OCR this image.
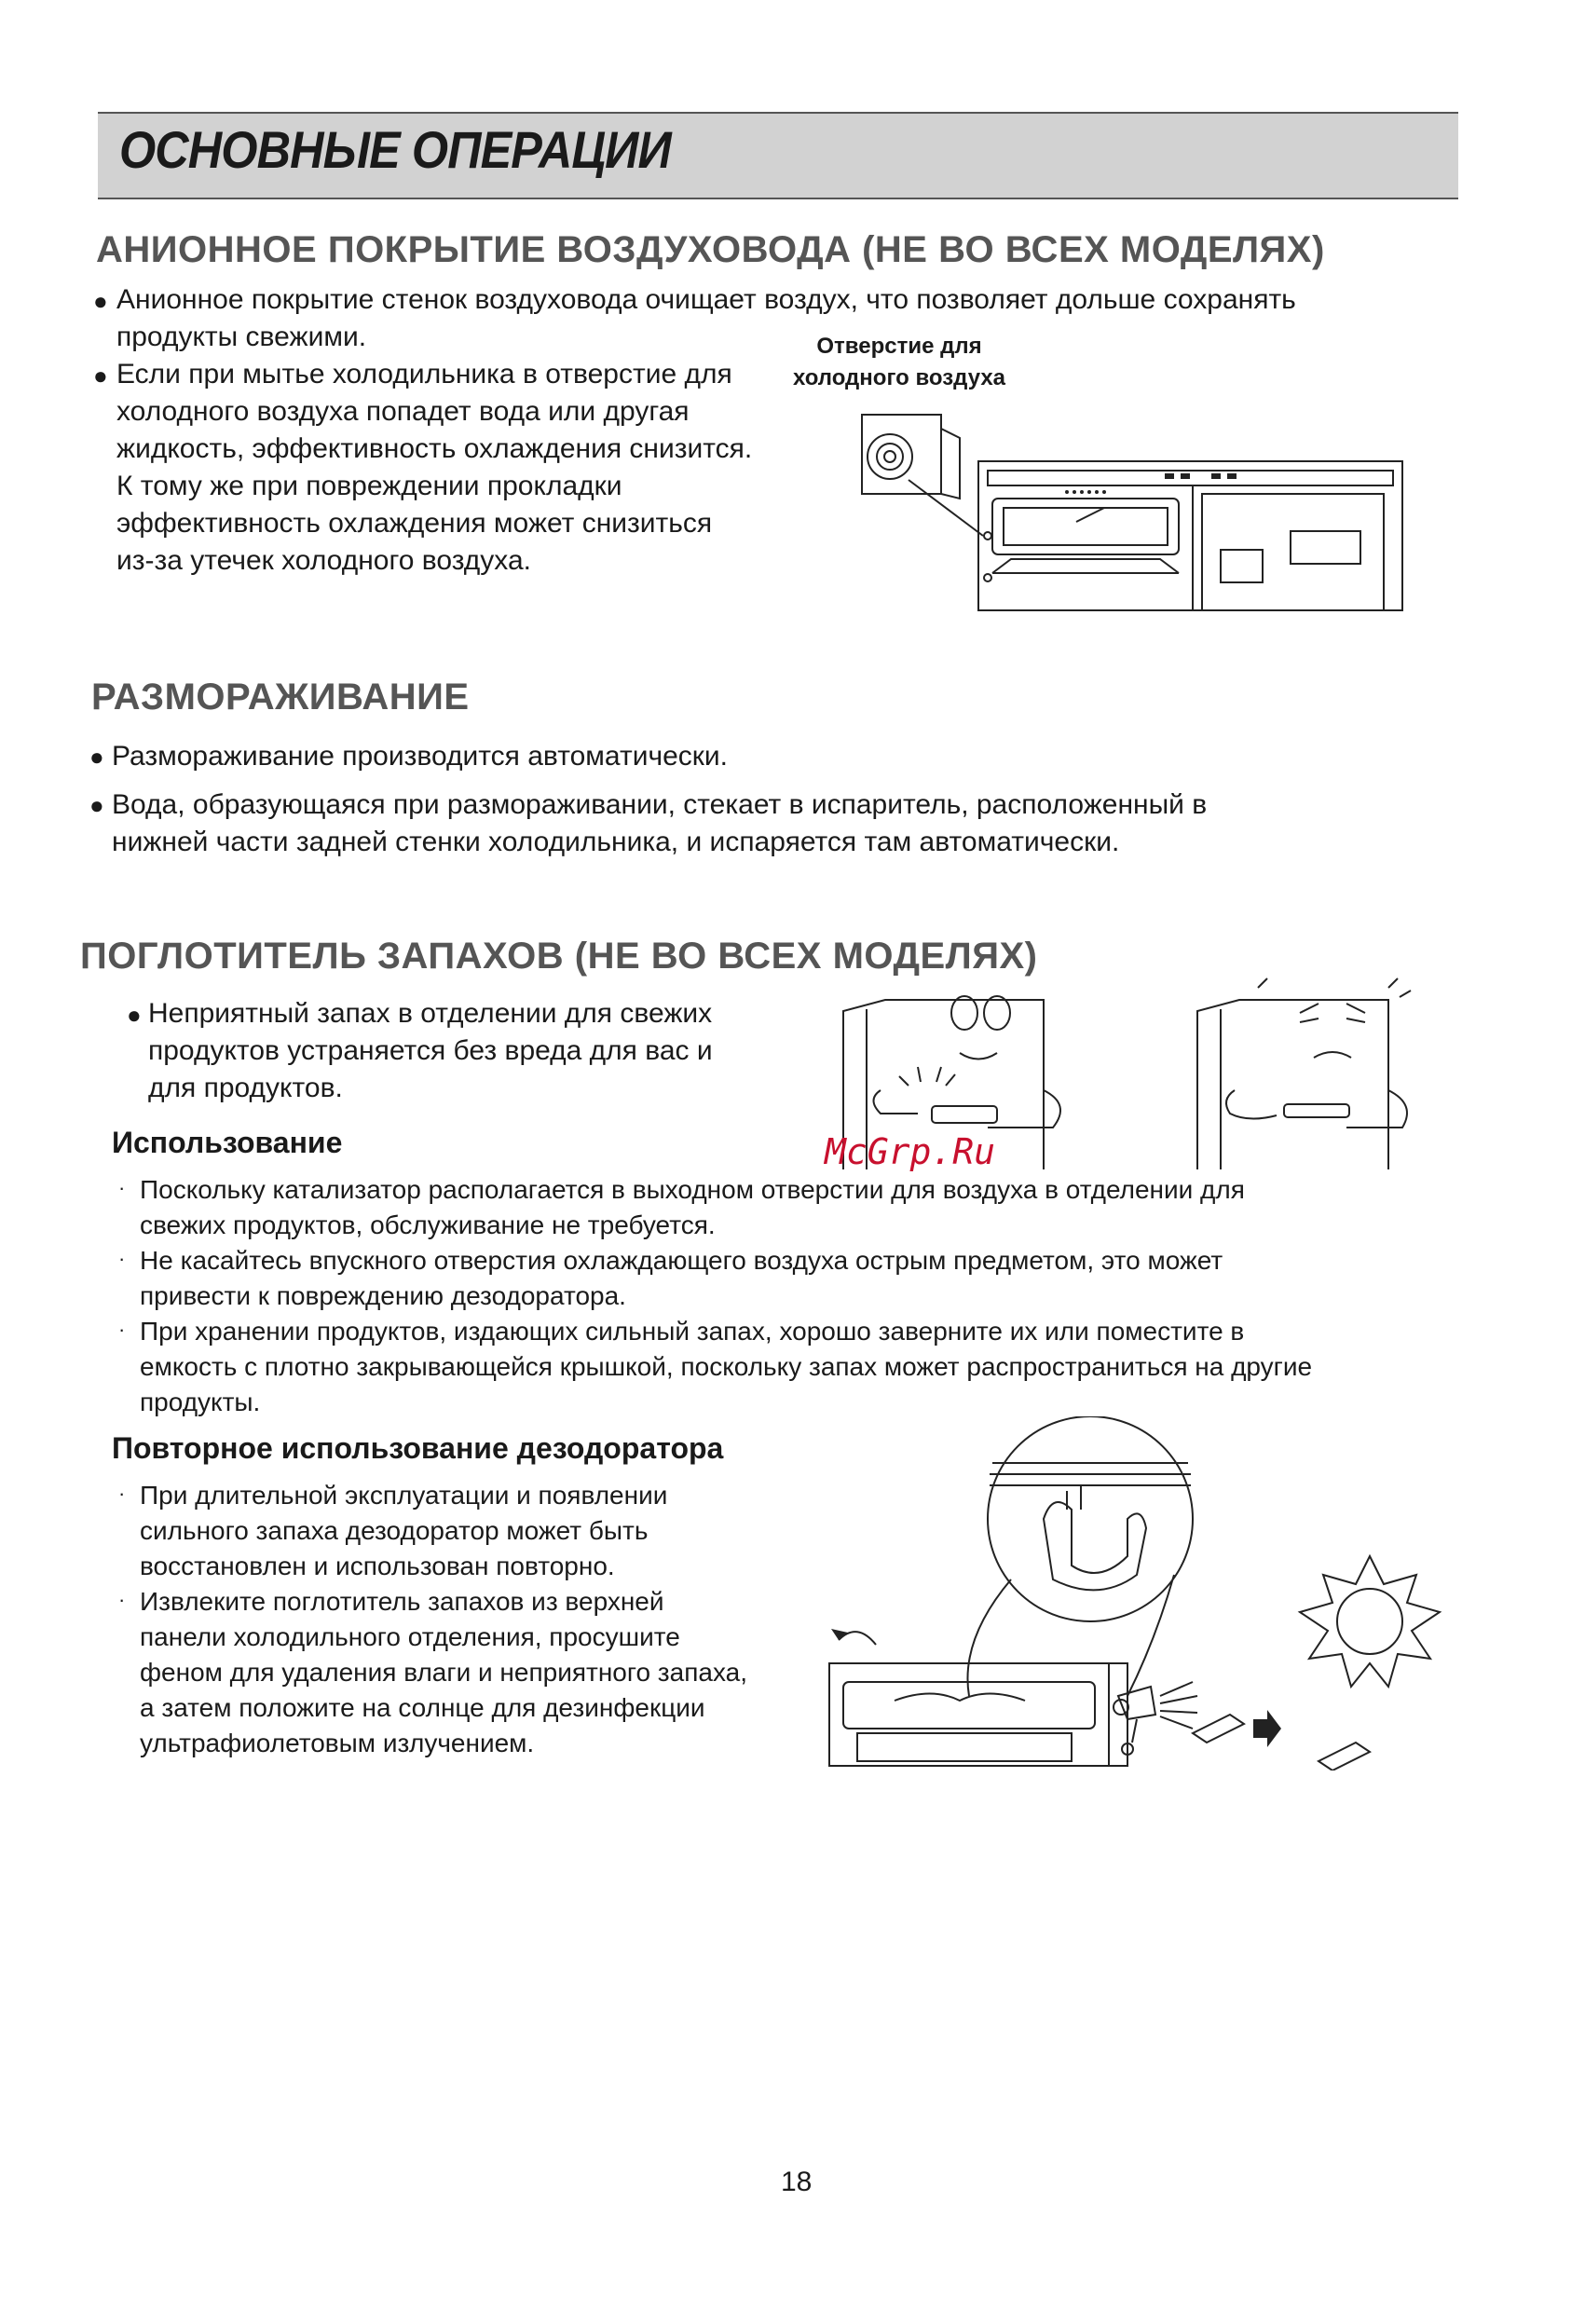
ОСНОВНЫЕ ОПЕРАЦИИ
АНИОННОЕ ПОКРЫТИЕ ВОЗДУХОВОДА (НЕ ВО ВСЕХ МОДЕЛЯХ)
● Анионное покрытие стенок воздуховода очищает воздух, что позволяет дольше сохранять
продукты свежими.
● Если при мытье холодильника в отверстие для
холодного воздуха попадет вода или другая
жидкость, эффективность охлаждения снизится.
К тому же при повреждении прокладки
эффективность охлаждения может снизиться
из-за утечек холодного воздуха.
Отверстие для
холодного воздуха
РАЗМОРАЖИВАНИЕ
● Размораживание производится автоматически.
● Вода, образующаяся при размораживании, стекает в испаритель, расположенный в
нижней части задней стенки холодильника, и испаряется там автоматически.
ПОГЛОТИТЕЛЬ ЗАПАХОВ (НЕ ВО ВСЕХ МОДЕЛЯХ)
● Неприятный запах в отделении для свежих
продуктов устраняется без вреда для вас и
для продуктов.
McGrp.Ru
Использование
· Поскольку катализатор располагается в выходном отверстии для воздуха в отделении для
свежих продуктов, обслуживание не требуется.
· Не касайтесь впускного отверстия охлаждающего воздуха острым предметом, это может
привести к повреждению дезодоратора.
· При хранении продуктов, издающих сильный запах, хорошо заверните их или поместите в
емкость с плотно закрывающейся крышкой, поскольку запах может распространиться на другие
продукты.
Повторное использование дезодоратора
· При длительной эксплуатации и появлении
сильного запаха дезодоратор может быть
восстановлен и использован повторно.
· Извлеките поглотитель запахов из верхней
панели холодильного отделения, просушите
феном для удаления влаги и неприятного запаха,
а затем положите на солнце для дезинфекции
ультрафиолетовым излучением.
18
